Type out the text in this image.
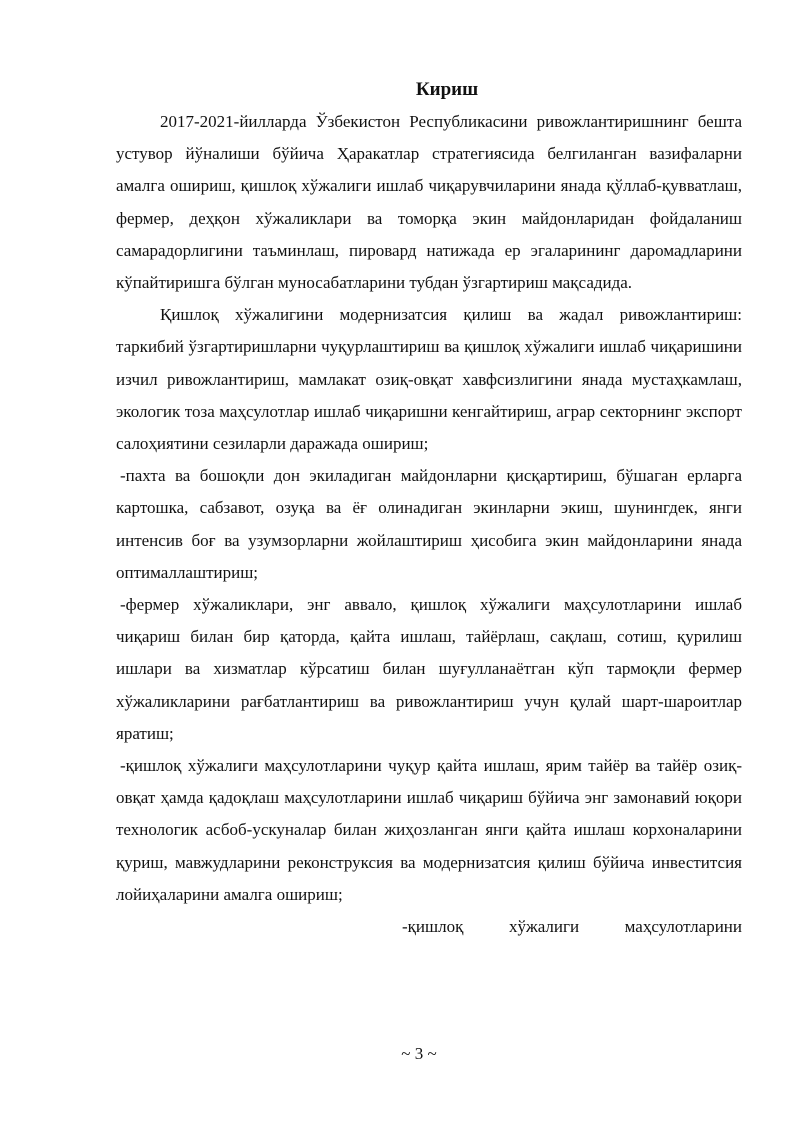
Кириш

2017-2021-йилларда Ўзбекистон Республикасини ривожлантиришнинг бешта устувор йўналиши бўйича Ҳаракатлар стратегиясида белгиланган вазифаларни амалга ошириш, қишлоқ хўжалиги ишлаб чиқарувчиларини янада қўллаб-қувватлаш, фермер, деҳқон хўжаликлари ва томорқа экин майдонларидан фойдаланиш самарадорлигини таъминлаш, пировард натижада ер эгаларининг даромадларини кўпайтиришга бўлган муносабатларини тубдан ўзгартириш мақсадида.

Қишлоқ хўжалигини модернизатсия қилиш ва жадал ривожлантириш: таркибий ўзгартиришларни чуқурлаштириш ва қишлоқ хўжалиги ишлаб чиқаришини изчил ривожлантириш, мамлакат озиқ-овқат хавфсизлигини янада мустаҳкамлаш, экологик тоза маҳсулотлар ишлаб чиқаришни кенгайтириш, аграр секторнинг экспорт салоҳиятини сезиларли даражада ошириш;

-пахта ва бошоқли дон экиладиган майдонларни қисқартириш, бўшаган ерларга картошка, сабзавот, озуқа ва ёғ олинадиган экинларни экиш, шунингдек, янги интенсив боғ ва узумзорларни жойлаштириш ҳисобига экин майдонларини янада оптималлаштириш;

-фермер хўжаликлари, энг аввало, қишлоқ хўжалиги маҳсулотларини ишлаб чиқариш билан бир қаторда, қайта ишлаш, тайёрлаш, сақлаш, сотиш, қурилиш ишлари ва хизматлар кўрсатиш билан шуғулланаётган кўп тармоқли фермер хўжаликларини рағбатлантириш ва ривожлантириш учун қулай шарт-шароитлар яратиш;

-қишлоқ хўжалиги маҳсулотларини чуқур қайта ишлаш, ярим тайёр ва тайёр озиқ-овқат ҳамда қадоқлаш маҳсулотларини ишлаб чиқариш бўйича энг замонавий юқори технологик асбоб-ускуналар билан жиҳозланган янги қайта ишлаш корхоналарини қуриш, мавжудларини реконструксия ва модернизатсия қилиш бўйича инвеститсия лойиҳаларини амалга ошириш;

-қишлоқ	хўжалиги	маҳсулотларини
~ 3 ~
